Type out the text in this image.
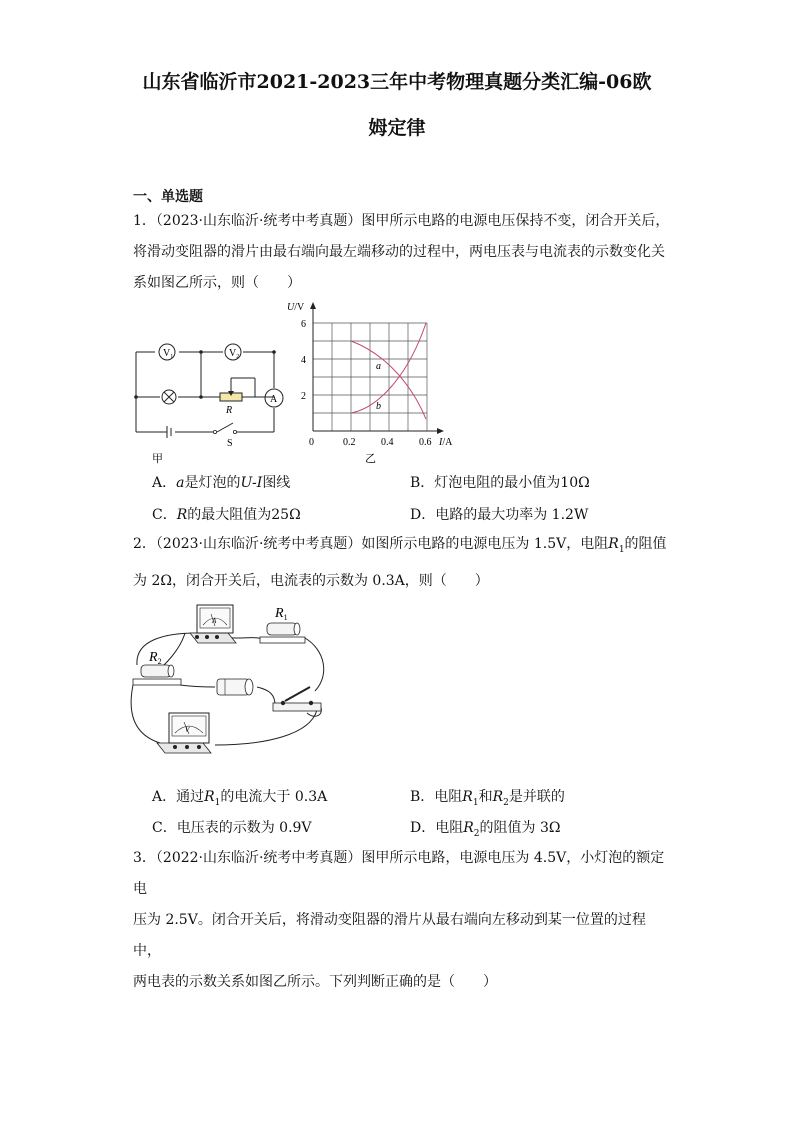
山东省临沂市2021-2023三年中考物理真题分类汇编-06欧
姆定律
一、单选题
1．（2023·山东临沂·统考中考真题）图甲所示电路的电源电压保持不变，闭合开关后，
将滑动变阻器的滑片由最右端向最左端移动的过程中，两电压表与电流表的示数变化关
系如图乙所示，则（　　）
$V_1$	$V_2$
A
R
S
甲
U/V
6
4
2
0	0.2	0.4	0.6 I/A
a
b
乙
A．a是灯泡的U-I图线	B．灯泡电阻的最小值为10Ω
C．R的最大阻值为25Ω	D．电路的最大功率为 1.2W
2．（2023·山东临沂·统考中考真题）如图所示电路的电源电压为 1.5V，电阻$R_1$的阻值
为 2Ω，闭合开关后，电流表的示数为 0.3A，则（　　）
A	$R_1$
$R_2$
V
A．通过$R_1$的电流大于 0.3A	B．电阻$R_1$和$R_2$是并联的
C．电压表的示数为 0.9V	D．电阻$R_2$的阻值为 3Ω
3．（2022·山东临沂·统考中考真题）图甲所示电路，电源电压为 4.5V，小灯泡的额定电
压为 2.5V。闭合开关后，将滑动变阻器的滑片从最右端向左移动到某一位置的过程中，
两电表的示数关系如图乙所示。下列判断正确的是（　　）
